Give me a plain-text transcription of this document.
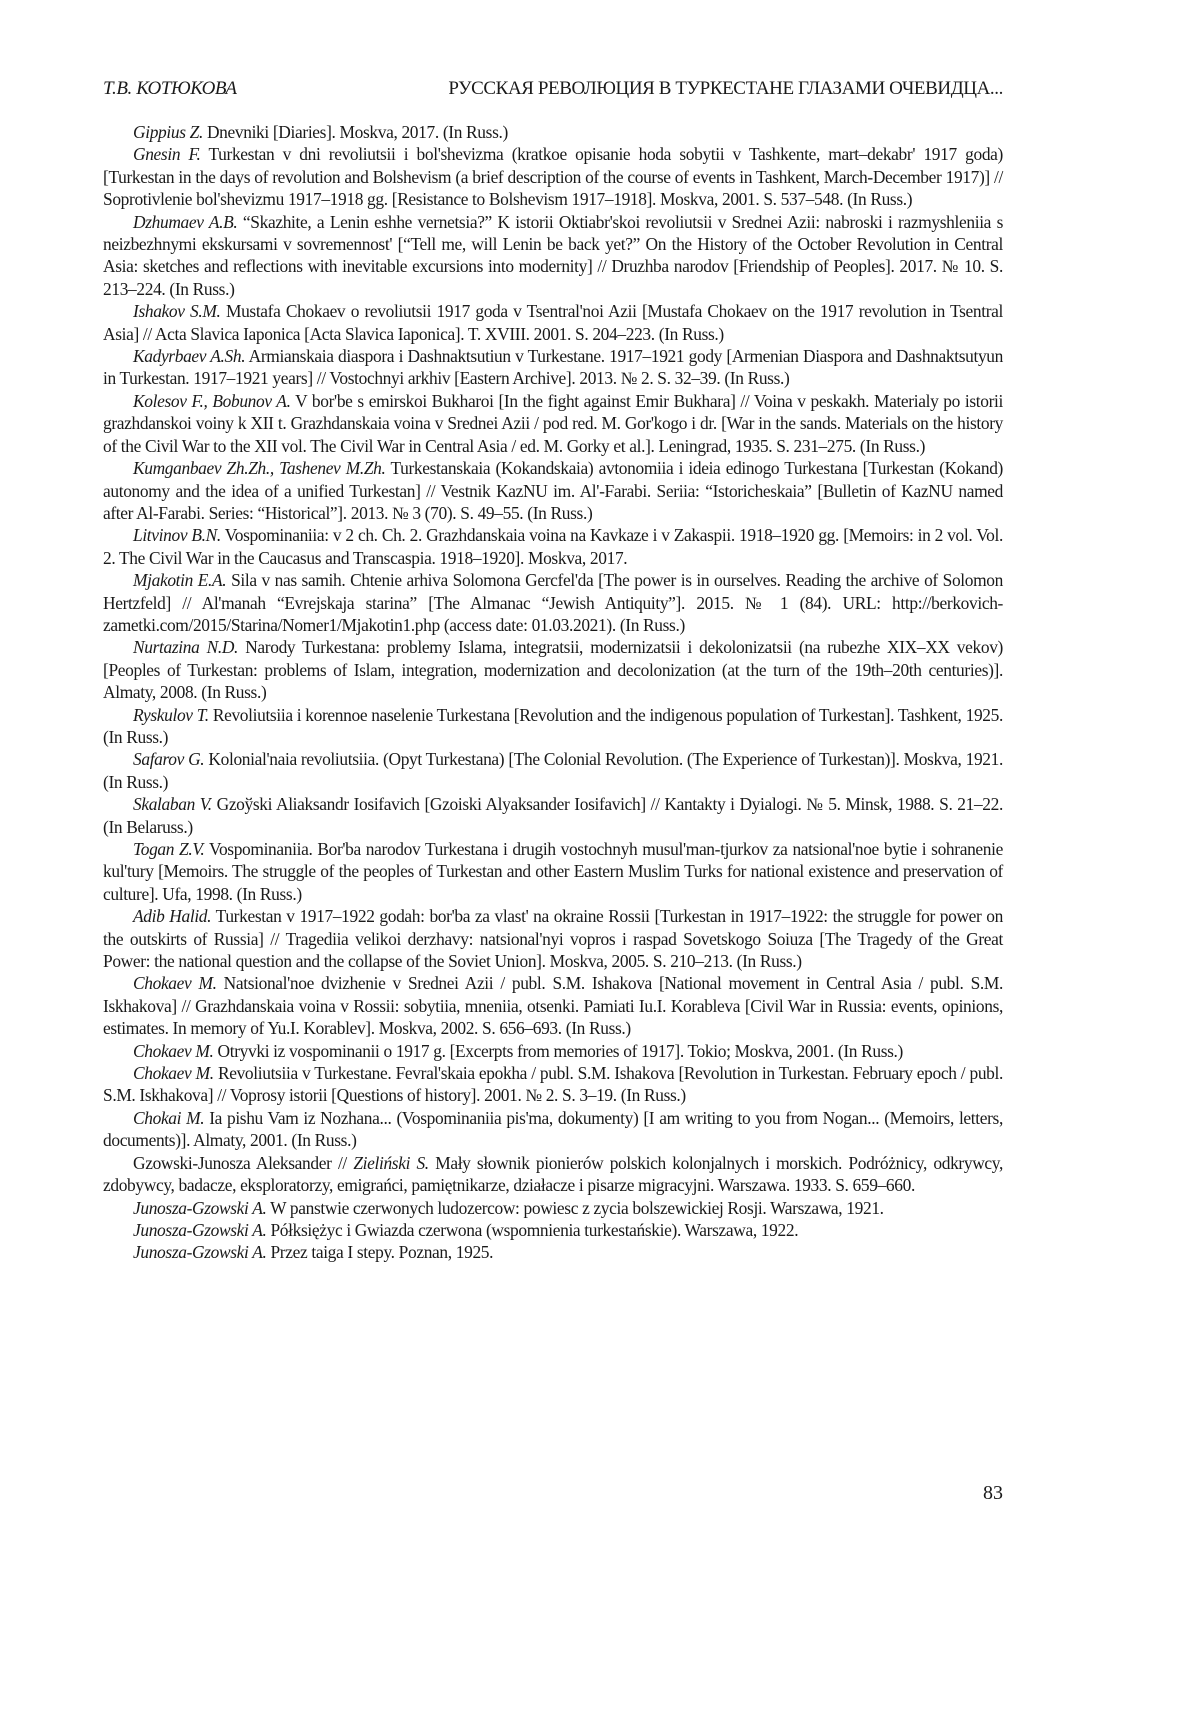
Т.В. КОТЮКОВА	РУССКАЯ РЕВОЛЮЦИЯ В ТУРКЕСТАНЕ ГЛАЗАМИ ОЧЕВИДЦА...

Gippius Z. Dnevniki [Diaries]. Moskva, 2017. (In Russ.)

Gnesin F. Turkestan v dni revoliutsii i bol'shevizma (kratkoe opisanie hoda sobytii v Tashkente, mart–dekabr' 1917 goda) [Turkestan in the days of revolution and Bolshevism (a brief description of the course of events in Tashkent, March-December 1917)] // Soprotivlenie bol'shevizmu 1917–1918 gg. [Resistance to Bolshevism 1917–1918]. Moskva, 2001. S. 537–548. (In Russ.)

Dzhumaev A.B. “Skazhite, a Lenin eshhe vernetsia?” K istorii Oktiabr'skoi revoliutsii v Srednei Azii: nabroski i razmyshleniia s neizbezhnymi ekskursami v sovremennost' [“Tell me, will Lenin be back yet?” On the History of the October Revolution in Central Asia: sketches and reflections with inevitable excursions into modernity] // Druzhba narodov [Friendship of Peoples]. 2017. № 10. S. 213–224. (In Russ.)

Ishakov S.M. Mustafa Chokaev o revoliutsii 1917 goda v Tsentral'noi Azii [Mustafa Chokaev on the 1917 revolution in Tsentral Asia] // Acta Slavica Iaponica [Acta Slavica Iaponica]. T. XVIII. 2001. S. 204–223. (In Russ.)

Kadyrbaev A.Sh. Armianskaia diaspora i Dashnaktsutiun v Turkestane. 1917–1921 gody [Armenian Diaspora and Dashnaktsutyun in Turkestan. 1917–1921 years] // Vostochnyi arkhiv [Eastern Archive]. 2013. № 2. S. 32–39. (In Russ.)

Kolesov F., Bobunov A. V bor'be s emirskoi Bukharoi [In the fight against Emir Bukhara] // Voina v peskakh. Materialy po istorii grazhdanskoi voiny k XII t. Grazhdanskaia voina v Srednei Azii / pod red. M. Gor'kogo i dr. [War in the sands. Materials on the history of the Civil War to the XII vol. The Civil War in Central Asia / ed. M. Gorky et al.]. Leningrad, 1935. S. 231–275. (In Russ.)

Kumganbaev Zh.Zh., Tashenev M.Zh. Turkestanskaia (Kokandskaia) avtonomiia i ideia edinogo Turkestana [Turkestan (Kokand) autonomy and the idea of a unified Turkestan] // Vestnik KazNU im. Al'-Farabi. Seriia: “Istoricheskaia” [Bulletin of KazNU named after Al-Farabi. Series: “Historical”]. 2013. № 3 (70). S. 49–55. (In Russ.)

Litvinov B.N. Vospominaniia: v 2 ch. Ch. 2. Grazhdanskaia voina na Kavkaze i v Zakaspii. 1918–1920 gg. [Memoirs: in 2 vol. Vol. 2. The Civil War in the Caucasus and Transcaspia. 1918–1920]. Moskva, 2017.

Mjakotin E.A. Sila v nas samih. Chtenie arhiva Solomona Gercfel'da [The power is in ourselves. Reading the archive of Solomon Hertzfeld] // Al'manah “Evrejskaja starina” [The Almanac “Jewish Antiquity”]. 2015. № 1 (84). URL: http://berkovich-zametki.com/2015/Starina/Nomer1/Mjakotin1.php (access date: 01.03.2021). (In Russ.)

Nurtazina N.D. Narody Turkestana: problemy Islama, integratsii, modernizatsii i dekolonizatsii (na rubezhe XIX–XX vekov) [Peoples of Turkestan: problems of Islam, integration, modernization and decolonization (at the turn of the 19th–20th centuries)]. Almaty, 2008. (In Russ.)

Ryskulov T. Revoliutsiia i korennoe naselenie Turkestana [Revolution and the indigenous population of Turkestan]. Tashkent, 1925. (In Russ.)

Safarov G. Kolonial'naia revoliutsiia. (Opyt Turkestana) [The Colonial Revolution. (The Experience of Turkestan)]. Moskva, 1921. (In Russ.)

Skalaban V. Gzoўski Aliaksandr Iosifavich [Gzoiski Alyaksander Iosifavich] // Kantakty i Dyialogi. № 5. Minsk, 1988. S. 21–22. (In Belaruss.)

Togan Z.V. Vospominaniia. Bor'ba narodov Turkestana i drugih vostochnyh musul'man-tjurkov za natsional'noe bytie i sohranenie kul'tury [Memoirs. The struggle of the peoples of Turkestan and other Eastern Muslim Turks for national existence and preservation of culture]. Ufa, 1998. (In Russ.)

Adib Halid. Turkestan v 1917–1922 godah: bor'ba za vlast' na okraine Rossii [Turkestan in 1917–1922: the struggle for power on the outskirts of Russia] // Tragediia velikoi derzhavy: natsional'nyi vopros i raspad Sovetskogo Soiuza [The Tragedy of the Great Power: the national question and the collapse of the Soviet Union]. Moskva, 2005. S. 210–213. (In Russ.)

Chokaev M. Natsional'noe dvizhenie v Srednei Azii / publ. S.M. Ishakova [National movement in Central Asia / publ. S.M. Iskhakova] // Grazhdanskaia voina v Rossii: sobytiia, mneniia, otsenki. Pamiati Iu.I. Korableva [Civil War in Russia: events, opinions, estimates. In memory of Yu.I. Korablev]. Moskva, 2002. S. 656–693. (In Russ.)

Chokaev M. Otryvki iz vospominanii o 1917 g. [Excerpts from memories of 1917]. Tokio; Moskva, 2001. (In Russ.)

Chokaev M. Revoliutsiia v Turkestane. Fevral'skaia epokha / publ. S.M. Ishakova [Revolution in Turkestan. February epoch / publ. S.M. Iskhakova] // Voprosy istorii [Questions of history]. 2001. № 2. S. 3–19. (In Russ.)

Chokai M. Ia pishu Vam iz Nozhana... (Vospominaniia pis'ma, dokumenty) [I am writing to you from Nogan... (Memoirs, letters, documents)]. Almaty, 2001. (In Russ.)

Gzowski-Junosza Aleksander // Zieliński S. Mały słownik pionierów polskich kolonjalnych i morskich. Podróżnicy, odkrywcy, zdobywcy, badacze, eksploratorzy, emigrańci, pamiętnikarze, działacze i pisarze migracyjni. Warszawa. 1933. S. 659–660.

Junosza-Gzowski A. W panstwie czerwonych ludozercow: powiesc z zycia bolszewickiej Rosji. Warszawa, 1921.

Junosza-Gzowski A. Półksiężyc i Gwiazda czerwona (wspomnienia turkestańskie). Warszawa, 1922.

Junosza-Gzowski A. Przez taiga I stepy. Poznan, 1925.

83
